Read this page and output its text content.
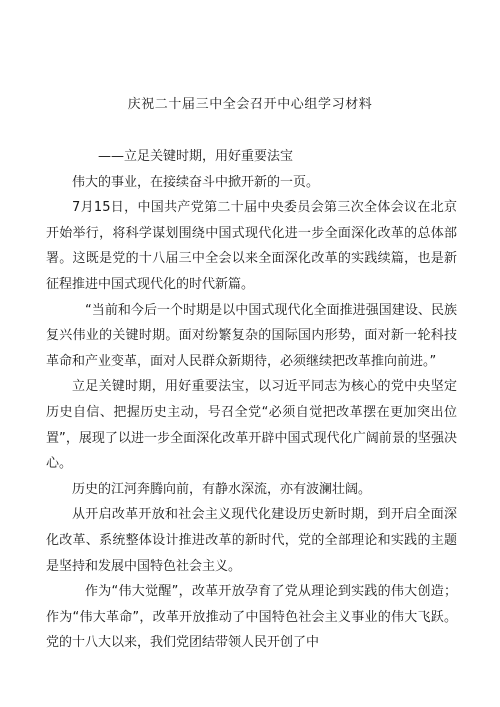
庆祝二十届三中全会召开中心组学习材料

——立足关键时期，用好重要法宝

伟大的事业，在接续奋斗中掀开新的一页。

7月15日，中国共产党第二十届中央委员会第三次全体会议在北京开始举行，将科学谋划围绕中国式现代化进一步全面深化改革的总体部署。这既是党的十八届三中全会以来全面深化改革的实践续篇，也是新征程推进中国式现代化的时代新篇。

“当前和今后一个时期是以中国式现代化全面推进强国建设、民族复兴伟业的关键时期。面对纷繁复杂的国际国内形势，面对新一轮科技革命和产业变革，面对人民群众新期待，必须继续把改革推向前进。”

立足关键时期，用好重要法宝，以习近平同志为核心的党中央坚定历史自信、把握历史主动，号召全党“必须自觉把改革摆在更加突出位置”，展现了以进一步全面深化改革开辟中国式现代化广阔前景的坚强决心。

历史的江河奔腾向前，有静水深流，亦有波澜壮阔。

从开启改革开放和社会主义现代化建设历史新时期，到开启全面深化改革、系统整体设计推进改革的新时代，党的全部理论和实践的主题是坚持和发展中国特色社会主义。

作为“伟大觉醒”，改革开放孕育了党从理论到实践的伟大创造；作为“伟大革命”，改革开放推动了中国特色社会主义事业的伟大飞跃。党的十八大以来，我们党团结带领人民开创了中
